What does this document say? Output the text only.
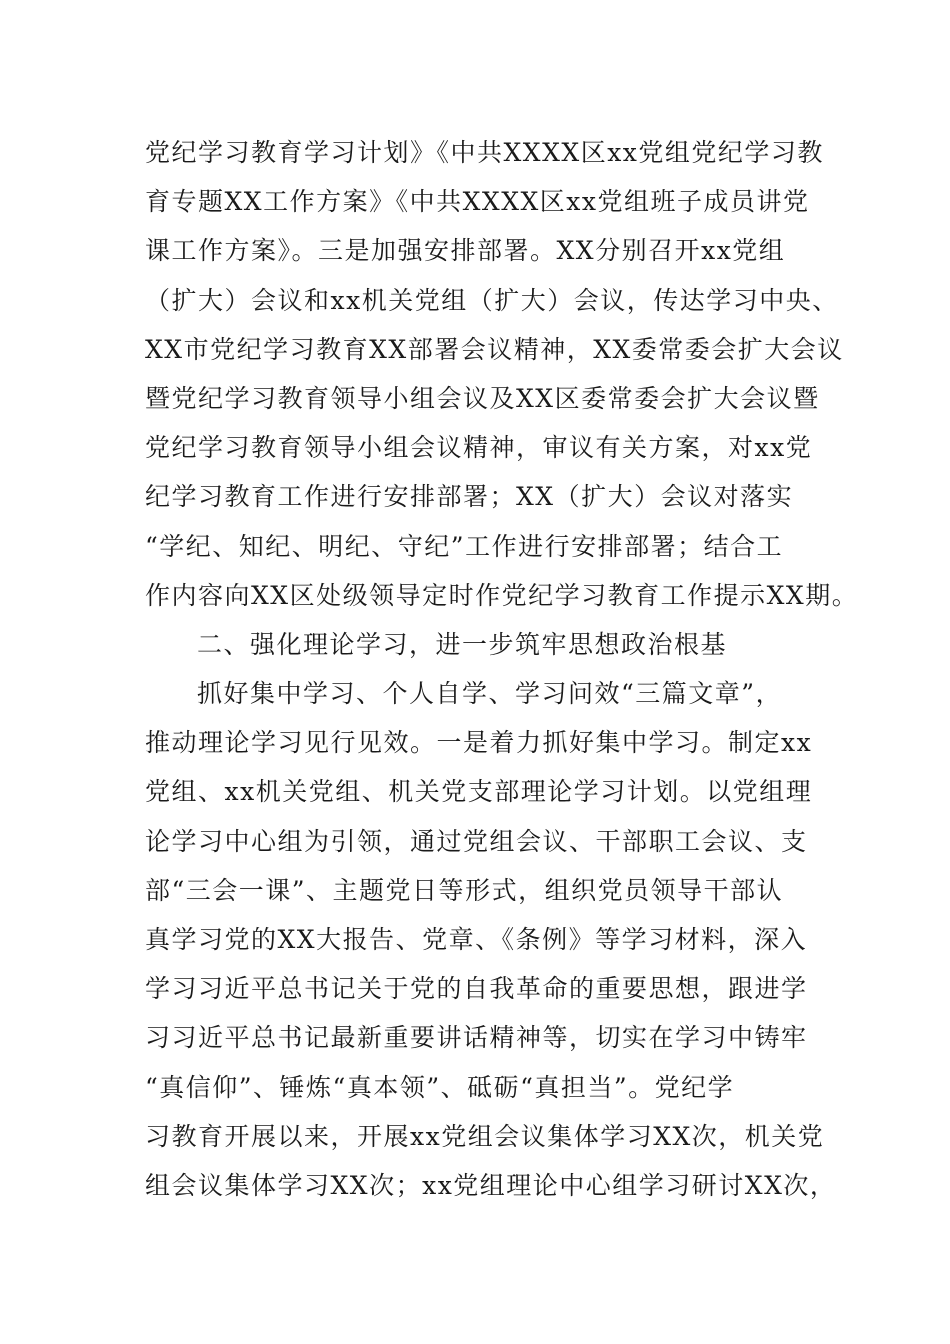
党纪学习教育学习计划》《中共XXXX区xx党组党纪学习教
育专题XX工作方案》《中共XXXX区xx党组班子成员讲党
课工作方案》。三是加强安排部署。XX分别召开xx党组
（扩大）会议和xx机关党组（扩大）会议，传达学习中央、
XX市党纪学习教育XX部署会议精神，XX委常委会扩大会议
暨党纪学习教育领导小组会议及XX区委常委会扩大会议暨
党纪学习教育领导小组会议精神，审议有关方案，对xx党
纪学习教育工作进行安排部署；XX（扩大）会议对落实
“学纪、知纪、明纪、守纪”工作进行安排部署；结合工
作内容向XX区处级领导定时作党纪学习教育工作提示XX期。
二、强化理论学习，进一步筑牢思想政治根基
抓好集中学习、个人自学、学习问效“三篇文章”，
推动理论学习见行见效。一是着力抓好集中学习。制定xx
党组、xx机关党组、机关党支部理论学习计划。以党组理
论学习中心组为引领，通过党组会议、干部职工会议、支
部“三会一课”、主题党日等形式，组织党员领导干部认
真学习党的XX大报告、党章、《条例》等学习材料，深入
学习习近平总书记关于党的自我革命的重要思想，跟进学
习习近平总书记最新重要讲话精神等，切实在学习中铸牢
“真信仰”、锤炼“真本领”、砥砺“真担当”。党纪学
习教育开展以来，开展xx党组会议集体学习XX次，机关党
组会议集体学习XX次；xx党组理论中心组学习研讨XX次，
